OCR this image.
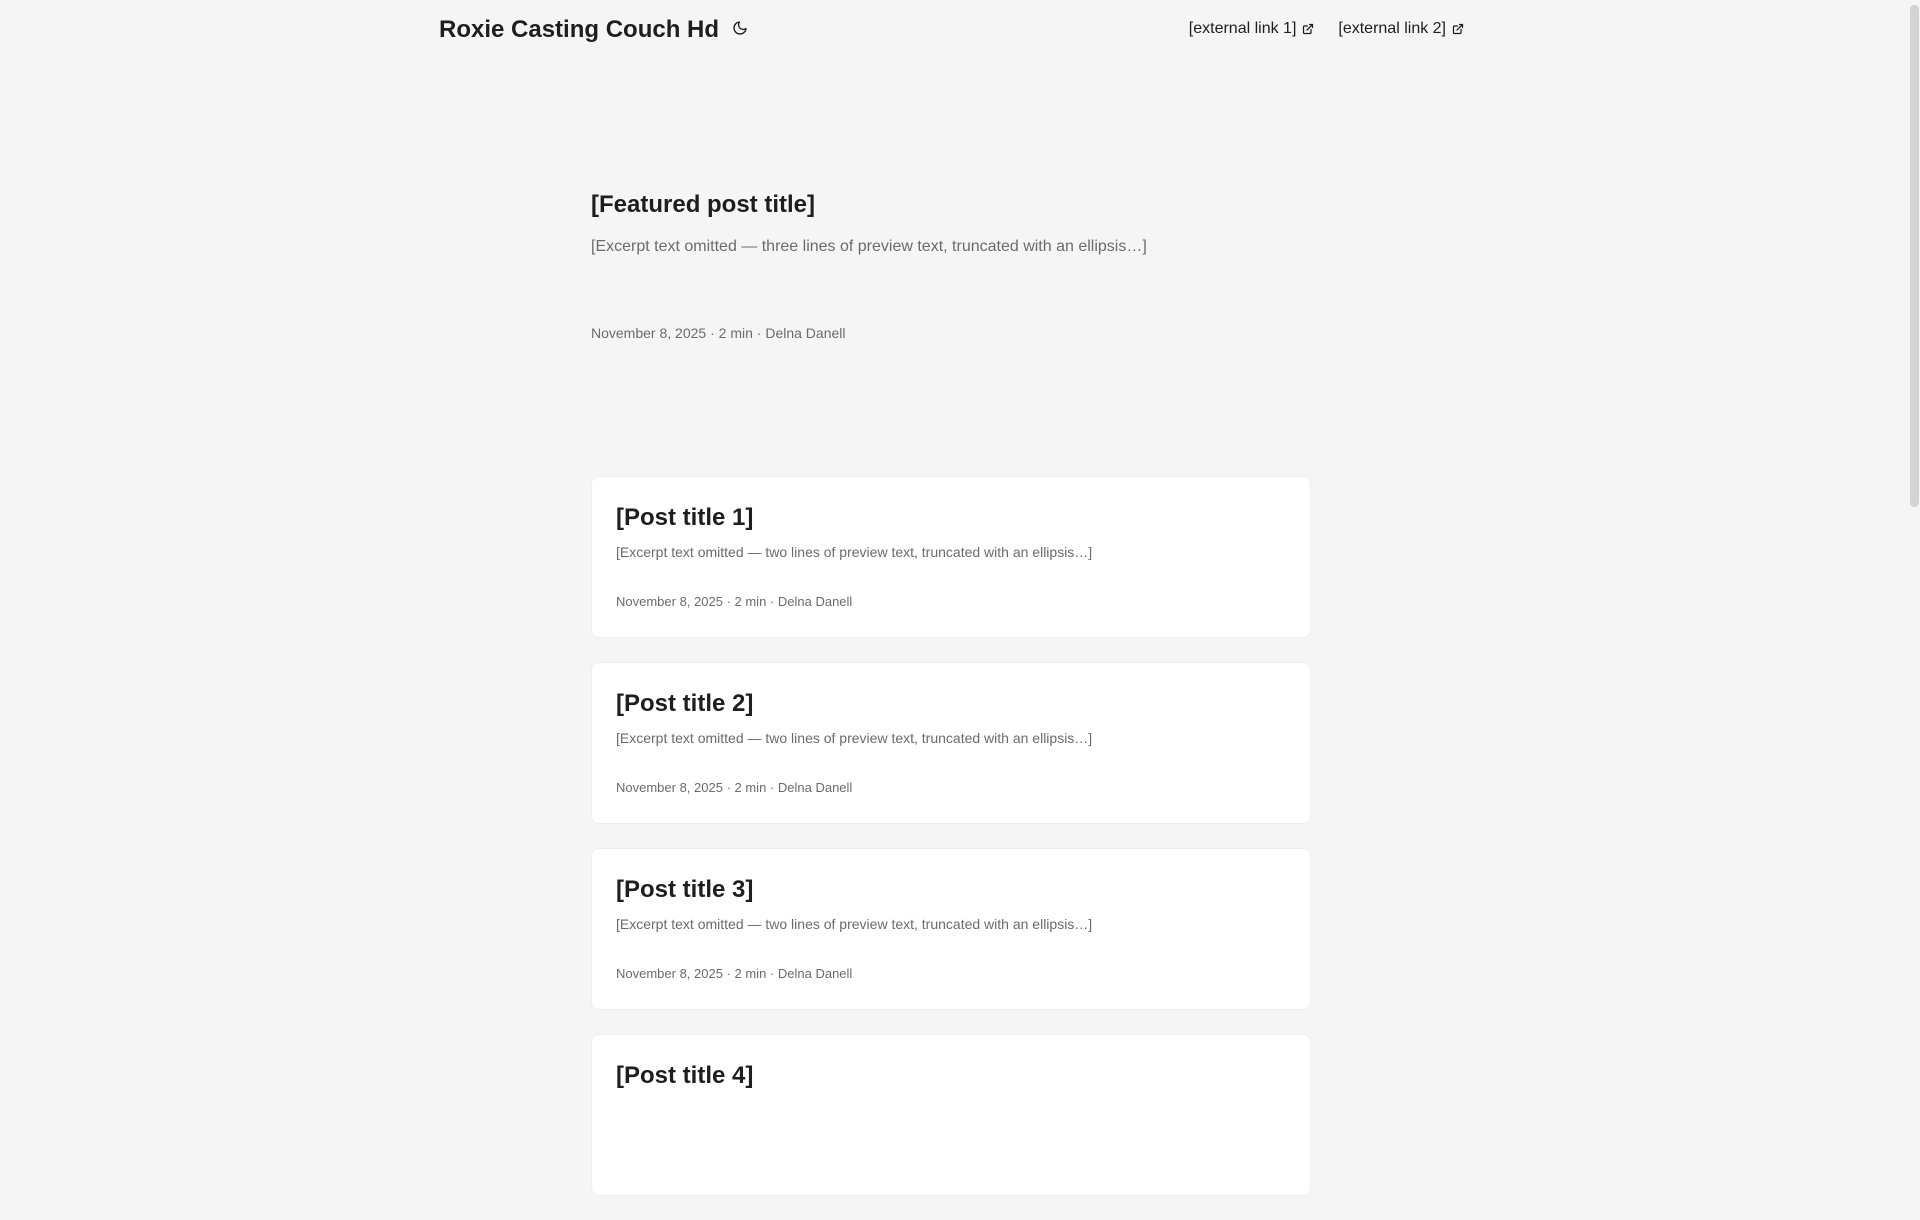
Roxie Casting Couch Hd	[external link 1]	[external link 2]
[Featured post title]

[Excerpt text omitted — three lines of preview text, truncated with an ellipsis…]

November 8, 2025 · 2 min · Delna Danell
[Post title 1]

[Excerpt text omitted — two lines of preview text, truncated with an ellipsis…]

November 8, 2025 · 2 min · Delna Danell
[Post title 2]

[Excerpt text omitted — two lines of preview text, truncated with an ellipsis…]

November 8, 2025 · 2 min · Delna Danell
[Post title 3]

[Excerpt text omitted — two lines of preview text, truncated with an ellipsis…]

November 8, 2025 · 2 min · Delna Danell
[Post title 4]
